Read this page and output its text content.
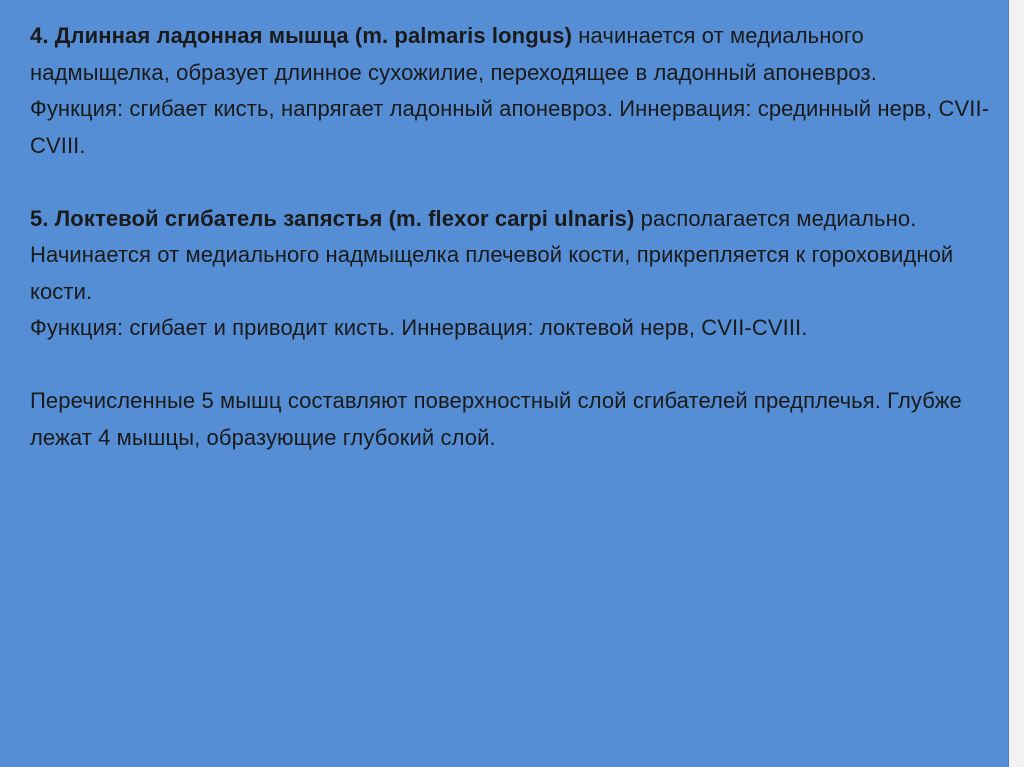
4. Длинная ладонная мышца (m. palmaris longus) начинается от медиального надмыщелка, образует длинное сухожилие, переходящее в ладонный апоневроз.

Функция: сгибает кисть, напрягает ладонный апоневроз. Иннервация: срединный нерв, CVII-CVIII.

5. Локтевой сгибатель запястья (m. flexor carpi ulnaris) располагается медиально. Начинается от медиального надмыщелка плечевой кости, прикрепляется к гороховидной кости.

Функция: сгибает и приводит кисть. Иннервация: локтевой нерв, CVII-CVIII.

Перечисленные 5 мышц составляют поверхностный слой сгибателей предплечья. Глубже лежат 4 мышцы, образующие глубокий слой.
